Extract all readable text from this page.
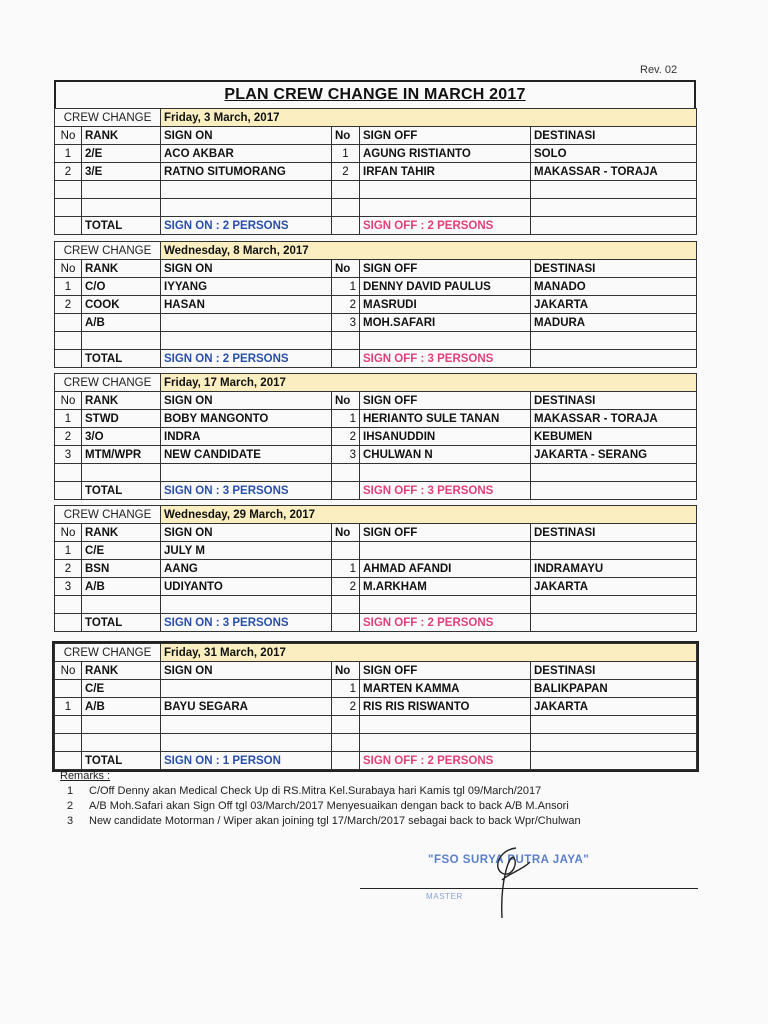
Rev. 02
PLAN CREW CHANGE IN MARCH 2017
CREW CHANGE		Friday, 3 March, 2017			
No	RANK	SIGN ON	No	SIGN OFF	DESTINASI
1	2/E	ACO AKBAR	1	AGUNG RISTIANTO	SOLO
2	3/E	RATNO SITUMORANG	2	IRFAN TAHIR	MAKASSAR - TORAJA

	TOTAL	SIGN ON : 2 PERSONS		SIGN OFF : 2 PERSONS	
CREW CHANGE		Wednesday, 8 March, 2017			
No	RANK	SIGN ON	No	SIGN OFF	DESTINASI
1	C/O	IYYANG	1	DENNY DAVID PAULUS	MANADO
2	COOK	HASAN	2	MASRUDI	JAKARTA
	A/B		3	MOH.SAFARI	MADURA

	TOTAL	SIGN ON : 2 PERSONS		SIGN OFF : 3 PERSONS	
CREW CHANGE		Friday, 17 March, 2017			
No	RANK	SIGN ON	No	SIGN OFF	DESTINASI
1	STWD	BOBY MANGONTO	1	HERIANTO SULE TANAN	MAKASSAR - TORAJA
2	3/O	INDRA	2	IHSANUDDIN	KEBUMEN
3	MTM/WPR	NEW CANDIDATE	3	CHULWAN N	JAKARTA - SERANG

	TOTAL	SIGN ON : 3 PERSONS		SIGN OFF : 3 PERSONS	
CREW CHANGE		Wednesday, 29 March, 2017			
No	RANK	SIGN ON	No	SIGN OFF	DESTINASI
1	C/E	JULY M			
2	BSN	AANG	1	AHMAD AFANDI	INDRAMAYU
3	A/B	UDIYANTO	2	M.ARKHAM	JAKARTA

	TOTAL	SIGN ON : 3 PERSONS		SIGN OFF : 2 PERSONS	
CREW CHANGE		Friday, 31 March, 2017			
No	RANK	SIGN ON	No	SIGN OFF	DESTINASI
	C/E		1	MARTEN KAMMA	BALIKPAPAN
1	A/B	BAYU SEGARA	2	RIS RIS RISWANTO	JAKARTA

	TOTAL	SIGN ON : 1 PERSON		SIGN OFF : 2 PERSONS	
Remarks :
1	C/Off Denny akan Medical Check Up di RS.Mitra Kel.Surabaya hari Kamis tgl 09/March/2017
2	A/B Moh.Safari akan Sign Off tgl 03/March/2017 Menyesuaikan dengan back to back A/B M.Ansori
3	New candidate Motorman / Wiper akan joining tgl 17/March/2017 sebagai back to back Wpr/Chulwan
"FSO SURYA PUTRA JAYA"
MASTER
